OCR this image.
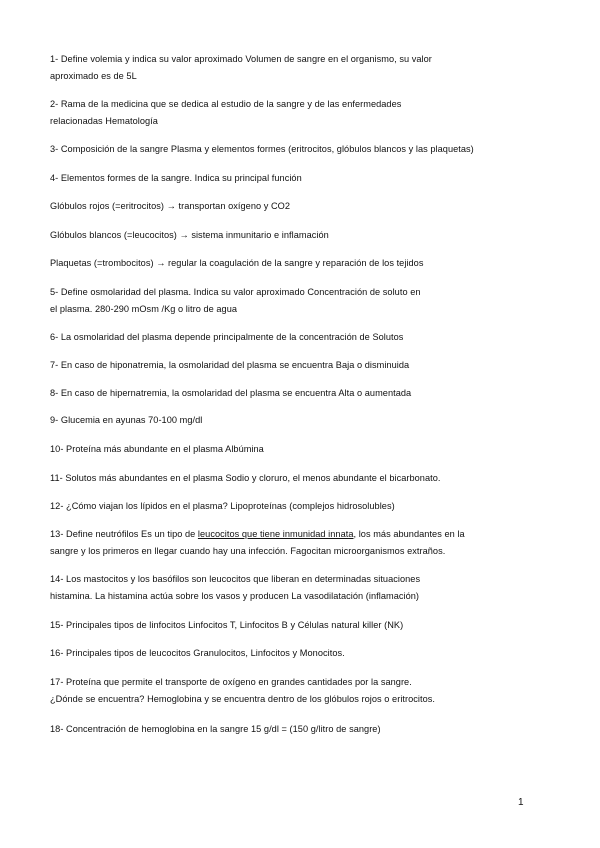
1- Define volemia y indica su valor aproximado Volumen de sangre en el organismo, su valor
aproximado es de 5L
2- Rama de la medicina que se dedica al estudio de la sangre y de las enfermedades
relacionadas Hematología
3- Composición de la sangre Plasma y elementos formes (eritrocitos, glóbulos blancos y las plaquetas)
4- Elementos formes de la sangre. Indica su principal función
Glóbulos rojos (=eritrocitos) → transportan oxígeno y CO2
Glóbulos blancos (=leucocitos) → sistema inmunitario e inflamación
Plaquetas (=trombocitos) → regular la coagulación de la sangre y reparación de los tejidos
5- Define osmolaridad del plasma. Indica su valor aproximado Concentración de soluto en
el plasma. 280-290 mOsm /Kg o litro de agua
6- La osmolaridad del plasma depende principalmente de la concentración de Solutos
7- En caso de hiponatremia, la osmolaridad del plasma se encuentra Baja o disminuida
8- En caso de hipernatremia, la osmolaridad del plasma se encuentra Alta o aumentada
9- Glucemia en ayunas 70-100 mg/dl
10- Proteína más abundante en el plasma Albúmina
11- Solutos más abundantes en el plasma Sodio y cloruro, el menos abundante el bicarbonato.
12- ¿Cómo viajan los lípidos en el plasma? Lipoproteínas (complejos hidrosolubles)
13- Define neutrófilos Es un tipo de leucocitos que tiene inmunidad innata, los más abundantes en la
sangre y los primeros en llegar cuando hay una infección. Fagocitan microorganismos extraños.
14- Los mastocitos y los basófilos son leucocitos que liberan en determinadas situaciones
histamina. La histamina actúa sobre los vasos y producen La vasodilatación (inflamación)
15- Principales tipos de linfocitos Linfocitos T, Linfocitos B y Células natural killer (NK)
16- Principales tipos de leucocitos Granulocitos, Linfocitos y Monocitos.
17- Proteína que permite el transporte de oxígeno en grandes cantidades por la sangre.
¿Dónde se encuentra? Hemoglobina y se encuentra dentro de los glóbulos rojos o eritrocitos.
18- Concentración de hemoglobina en la sangre 15 g/dl = (150 g/litro de sangre)
1
